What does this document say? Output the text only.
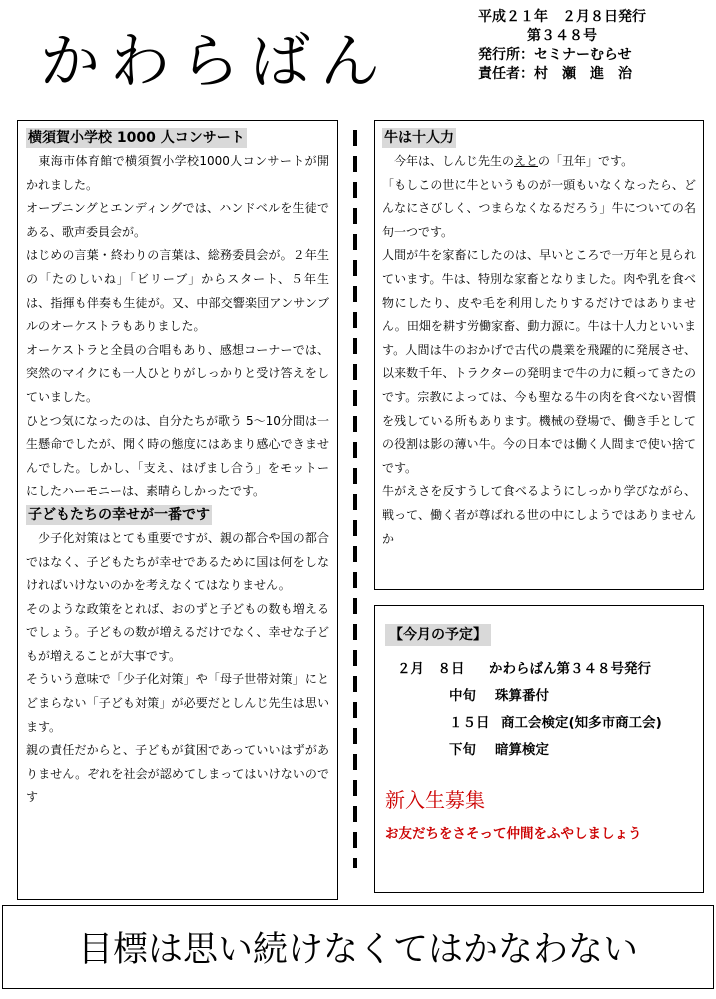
かわらばん
平成２１年　２月８日発行
第３４８号
発行所：セミナーむらせ
責任者：村　瀬　進　治
横須賀小学校 1000 人コンサート

　東海市体育館で横須賀小学校1000人コンサートが開かれました。

オープニングとエンディングでは、ハンドベルを生徒である、歌声委員会が。

はじめの言葉・終わりの言葉は、総務委員会が。２年生の「たのしいね」「ビリーブ」からスタート、５年生は、指揮も伴奏も生徒が。又、中部交響楽団アンサンブルのオーケストラもありました。

オーケストラと全員の合唱もあり、感想コーナーでは、突然のマイクにも一人ひとりがしっかりと受け答えをしていました。

ひとつ気になったのは、自分たちが歌う 5～10分間は一生懸命でしたが、聞く時の態度にはあまり感心できませんでした。しかし、「支え、はげまし合う」をモットーにしたハーモニーは、素晴らしかったです。

子どもたちの幸せが一番です

　少子化対策はとても重要ですが、親の都合や国の都合ではなく、子どもたちが幸せであるために国は何をしなければいけないのかを考えなくてはなりません。

そのような政策をとれば、おのずと子どもの数も増えるでしょう。子どもの数が増えるだけでなく、幸せな子どもが増えることが大事です。

そういう意味で「少子化対策」や「母子世帯対策」にとどまらない「子ども対策」が必要だとしんじ先生は思います。

親の責任だからと、子どもが貧困であっていいはずがありません。ぞれを社会が認めてしまってはいけないのです

牛は十人力

　今年は、しんじ先生のえとの「丑年」です。

「もしこの世に牛というものが一頭もいなくなったら、どんなにさびしく、つまらなくなるだろう」牛についての名句一つです。

人間が牛を家畜にしたのは、早いところで一万年と見られています。牛は、特別な家畜となりました。肉や乳を食べ物にしたり、皮や毛を利用したりするだけではありません。田畑を耕す労働家畜、動力源に。牛は十人力といいます。人間は牛のおかげで古代の農業を飛躍的に発展させ、以来数千年、トラクターの発明まで牛の力に頼ってきたのです。宗教によっては、今も聖なる牛の肉を食べない習慣を残している所もあります。機械の登場で、働き手としての役割は影の薄い牛。今の日本では働く人間まで使い捨てです。

牛がえさを反すうして食べるようにしっかり学びながら、戦って、働く者が尊ばれる世の中にしようではありませんか

【今月の予定】
２月　８日 かわらばん第３４８号発行
中旬 珠算番付
１５日 商工会検定(知多市商工会)
下旬 暗算検定
新入生募集
お友だちをさそって仲間をふやしましょう
目標は思い続けなくてはかなわない
